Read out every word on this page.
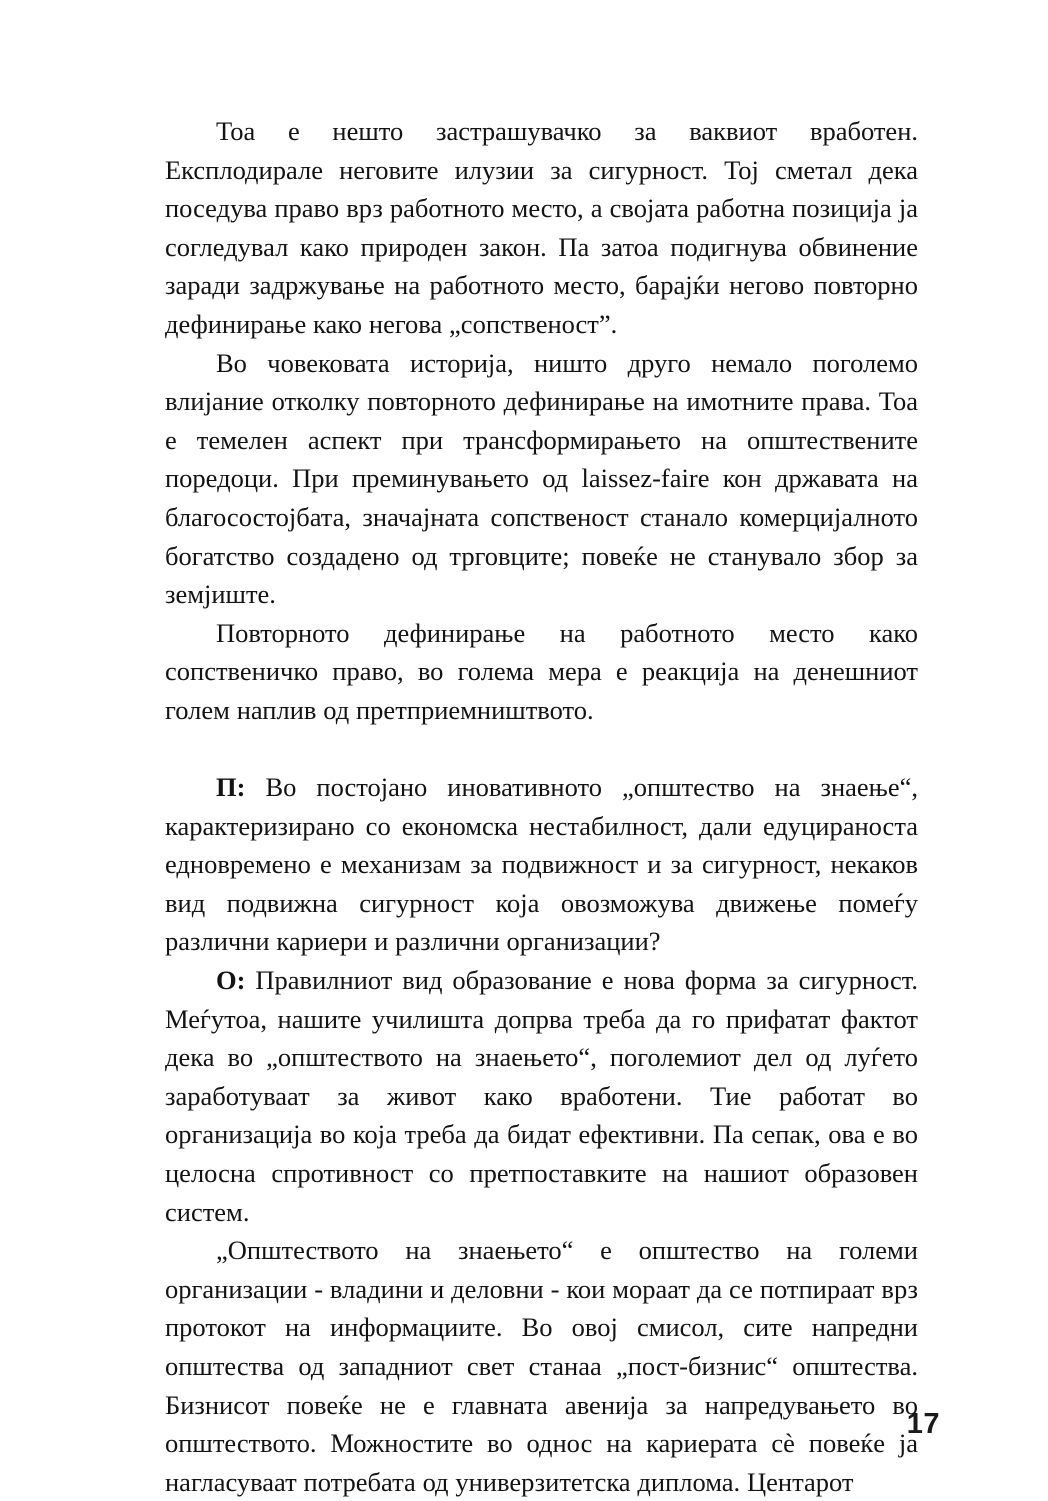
Тоа е нешто застрашувачко за ваквиот вработен. Експлодирале неговите илузии за сигурност. Тој сметал дека поседува право врз работното место, а својата работна позиција ја согледувал како природен закон. Па затоа подигнува обвинение заради задржување на работното место, барајќи негово повторно дефинирање како негова „сопственост”.

Во човековата историја, ништо друго немало поголемо влијание отколку повторното дефинирање на имотните права. Тоа е темелен аспект при трансформирањето на општествените поредоци. При преминувањето од laissez-faire кон државата на благосостојбата, значајната сопственост станало комерцијалното богатство создадено од трговците; повеќе не станувало збор за земјиште.

Повторното дефинирање на работното место како сопственичко право, во голема мера е реакција на денешниот голем наплив од претприемништвото.

П: Во постојано иновативното „општество на знаење“, карактеризирано со економска нестабилност, дали едуцираноста едновремено е механизам за подвижност и за сигурност, некаков вид подвижна сигурност која овозможува движење помеѓу различни кариери и различни организации?

О: Правилниот вид образование е нова форма за сигурност. Меѓутоа, нашите училишта допрва треба да го прифатат фактот дека во „општеството на знаењето“, поголемиот дел од луѓето заработуваат за живот како вработени. Тие работат во организација во која треба да бидат ефективни. Па сепак, ова е во целосна спротивност со претпоставките на нашиот образовен систем.

„Општеството на знаењето“ е општество на големи организации - владини и деловни - кои мораат да се потпираат врз протокот на информациите. Во овој смисол, сите напредни општества од западниот свет станаа „пост-бизнис“ општества. Бизнисот повеќе не е главната авенија за напредувањето во општеството. Можностите во однос на кариерата сè повеќе ја нагласуваат потребата од универзитетска диплома. Центарот

17
